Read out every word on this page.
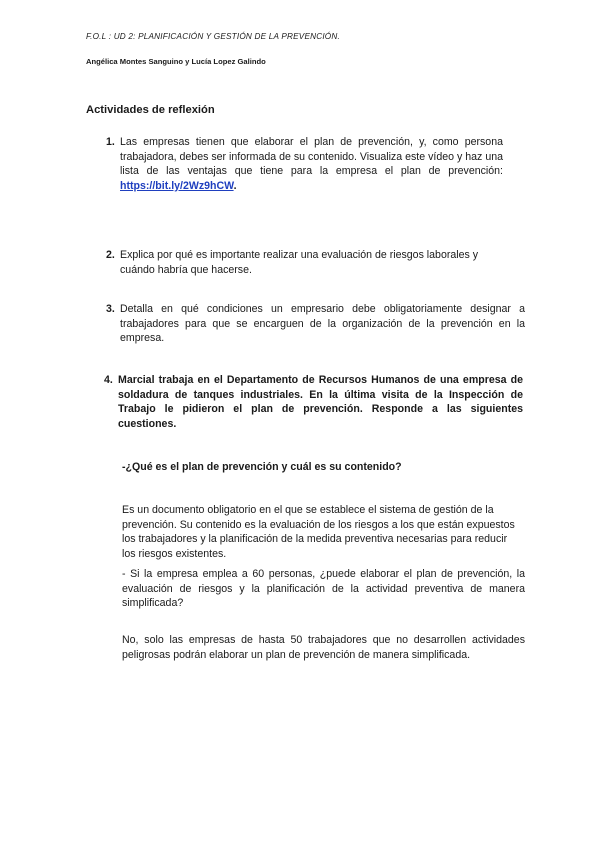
F.O.L : UD 2: PLANIFICACIÓN Y GESTIÓN DE LA PREVENCIÓN.
Angélica Montes Sanguino y Lucía Lopez Galindo
Actividades de reflexión
1. Las empresas tienen que elaborar el plan de prevención, y, como persona trabajadora, debes ser informada de su contenido. Visualiza este vídeo y haz una lista de las ventajas que tiene para la empresa el plan de prevención: https://bit.ly/2Wz9hCW.
2. Explica por qué es importante realizar una evaluación de riesgos laborales y cuándo habría que hacerse.
3. Detalla en qué condiciones un empresario debe obligatoriamente designar a trabajadores para que se encarguen de la organización de la prevención en la empresa.
4. Marcial trabaja en el Departamento de Recursos Humanos de una empresa de soldadura de tanques industriales. En la última visita de la Inspección de Trabajo le pidieron el plan de prevención. Responde a las siguientes cuestiones.
-¿Qué es el plan de prevención y cuál es su contenido?
Es un documento obligatorio en el que se establece el sistema de gestión de la prevención. Su contenido es la evaluación de los riesgos a los que están expuestos los trabajadores y la planificación de la medida preventiva necesarias para reducir los riesgos existentes.
- Si la empresa emplea a 60 personas, ¿puede elaborar el plan de prevención, la evaluación de riesgos y la planificación de la actividad preventiva de manera simplificada?
No, solo las empresas de hasta 50 trabajadores que no desarrollen actividades peligrosas podrán elaborar un plan de prevención de manera simplificada.
